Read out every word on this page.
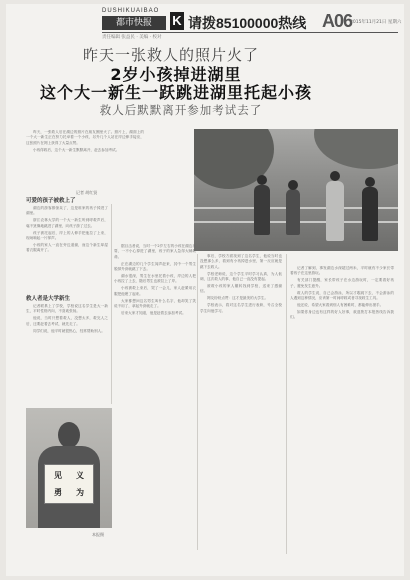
DUSHIKUAIBAO
都市快报	K 请拨85100000热线 A06
2015年11月21日 星期六
责任编辑 张益民 · 美编 · 校对
昨天一张救人的照片火了
2岁小孩掉进湖里
这个大一新生一跃跳进湖里托起小孩
救人后默默离开参加考试去了

昨天，一张救人后在湖边的照片在朋友圈里火了。照片上，湖面上的一个大一新生正在努力托举着一个小孩，另外几个人站在岸边伸手接应，这张照片在网上获得了大量点赞。

小孩得救后，这个大一新生默默离开，赶去参加考试。

记者 胡红贤
可爱的孩子被救上了

湖边的游客都惊呆了，这是谁家的孩子掉进了湖里。

浙江农林大学的一个大一新生听到呼救声后，毫不犹豫地跳进了湖里，向孩子游了过去。

孩子被托起后，岸上的人伸手把他拉了上来，现场响起一片掌声。

小孩的家人一直在旁边道谢，而这个新生却湿着衣服离开了。

救人者是大学新生

记者联系上了学校，学校说这名学生是大一新生，平时性格内向，不喜欢张扬。

他说，当时只想着救人，没想太多，救完人之后，还要赶着去考试，就先走了。

同学们说，他平时就很热心，经常帮助别人。

据目击者说，当时一个2岁左右的小孩在湖边玩耍，一不小心掉进了湖里，孩子的家人急得大喊救命。

正在湖边的几个学生闻声赶来，其中一个男生脱掉外套就跳了下去。

湖水很深，男生在水里托着小孩，岸边的人把小孩拉了上去，随后男生也被拉上了岸。

小孩被救上来后，哭了一会儿，家人赶紧用衣服把他裹了起来。

大家都想问这名男生叫什么名字，他却笑了笑说不用了，拿起外套就走了。

后来大家才知道，他是赶着去参加考试。

事后，学校方面找到了这名学生，他说当时也没想那么多，看到有小孩掉进水里，第一反应就是跳下去救人。

学校老师说，这个学生平时学习认真，为人低调，这次救人的事，他自己一直没有提起。

被救小孩的家人辗转找到学校，送来了感谢信。

网友纷纷点赞：这才是最美的大学生。

学校表示，将对这名学生进行表彰，号召全校学生向他学习。

记者了解到，事发湖边水深超过两米，平时就有不少家长带着孩子在这里游玩。

有关部门提醒，家长带孩子在水边游玩时，一定要看好孩子，避免发生意外。

救人的学生说，自己会游泳，所以才敢跳下去，不会游泳的人遇到这种情况，应该第一时间呼救或者寻找救生工具。

他还说，希望大家看到别人有困难时，都能伸出援手。

如果你身边也有这样的好人好事，欢迎拨打本报热线告诉我们。

见 义
勇 为
本报摄
